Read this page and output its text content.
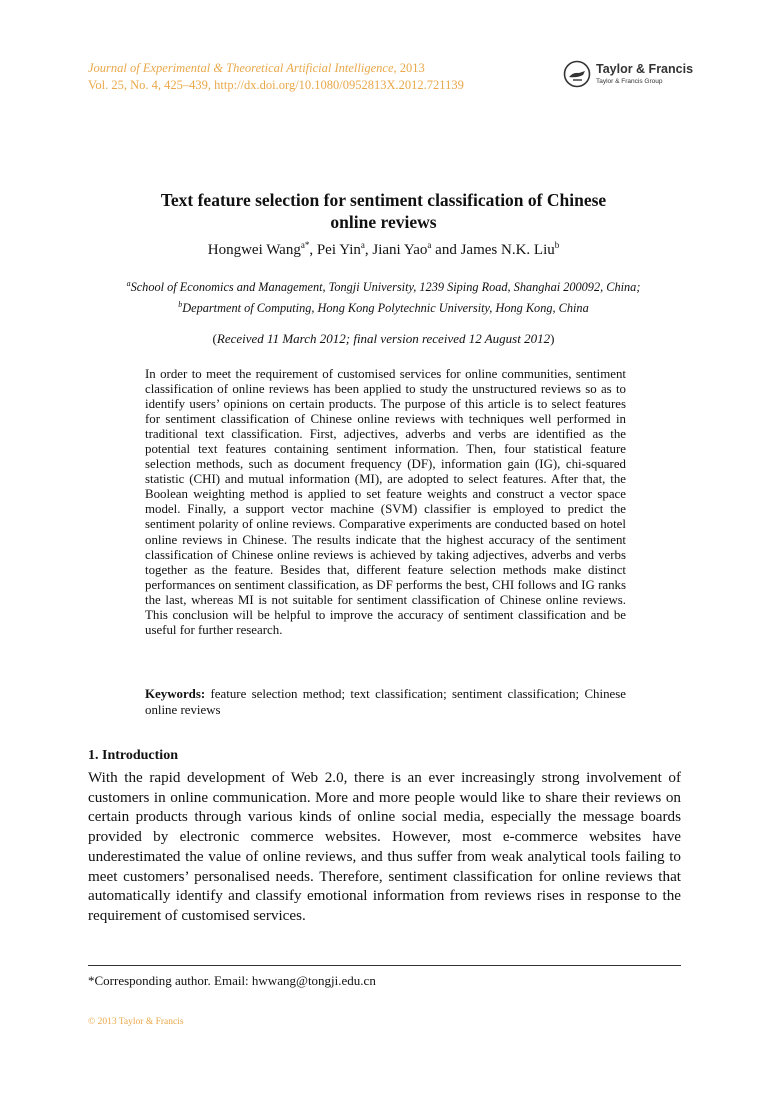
Journal of Experimental & Theoretical Artificial Intelligence, 2013
Vol. 25, No. 4, 425–439, http://dx.doi.org/10.1080/0952813X.2012.721139
Taylor & Francis
Taylor & Francis Group
Text feature selection for sentiment classification of Chinese
online reviews
Hongwei Wang$^{a*}$, Pei Yin$^a$, Jiani Yao$^a$ and James N.K. Liu$^b$
$^a$School of Economics and Management, Tongji University, 1239 Siping Road, Shanghai 200092, China; $^b$Department of Computing, Hong Kong Polytechnic University, Hong Kong, China
(Received 11 March 2012; final version received 12 August 2012)
In order to meet the requirement of customised services for online communities, sentiment classification of online reviews has been applied to study the unstructured reviews so as to identify users’ opinions on certain products. The purpose of this article is to select features for sentiment classification of Chinese online reviews with techniques well performed in traditional text classification. First, adjectives, adverbs and verbs are identified as the potential text features containing sentiment information. Then, four statistical feature selection methods, such as document frequency (DF), information gain (IG), chi-squared statistic (CHI) and mutual information (MI), are adopted to select features. After that, the Boolean weighting method is applied to set feature weights and construct a vector space model. Finally, a support vector machine (SVM) classifier is employed to predict the sentiment polarity of online reviews. Comparative experiments are conducted based on hotel online reviews in Chinese. The results indicate that the highest accuracy of the sentiment classification of Chinese online reviews is achieved by taking adjectives, adverbs and verbs together as the feature. Besides that, different feature selection methods make distinct performances on sentiment classification, as DF performs the best, CHI follows and IG ranks the last, whereas MI is not suitable for sentiment classification of Chinese online reviews. This conclusion will be helpful to improve the accuracy of sentiment classification and be useful for further research.
Keywords: feature selection method; text classification; sentiment classification; Chinese online reviews
1. Introduction
With the rapid development of Web 2.0, there is an ever increasingly strong involvement of customers in online communication. More and more people would like to share their reviews on certain products through various kinds of online social media, especially the message boards provided by electronic commerce websites. However, most e-commerce websites have underestimated the value of online reviews, and thus suffer from weak analytical tools failing to meet customers’ personalised needs. Therefore, sentiment classification for online reviews that automatically identify and classify emotional information from reviews rises in response to the requirement of customised services.
*Corresponding author. Email: hwwang@tongji.edu.cn
© 2013 Taylor & Francis
